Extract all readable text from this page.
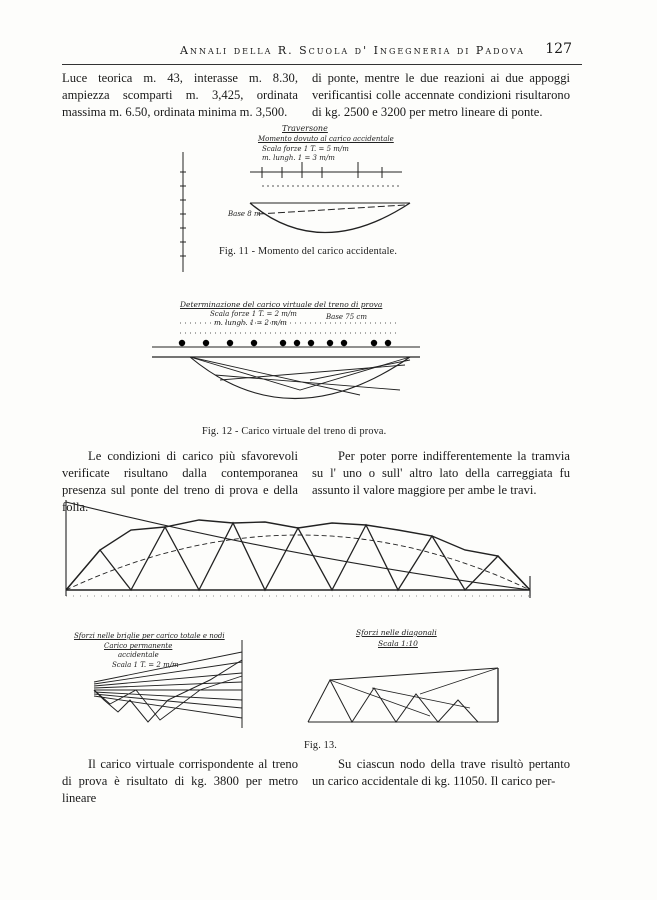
Annali della R. Scuola d' Ingegneria di Padova 127
Luce teorica m. 43, interasse m. 8.30, ampiezza scomparti m. 3,425, ordinata massima m. 6.50, ordinata minima m. 3,500.
di ponte, mentre le due reazioni ai due appoggi verificantisi colle accennate condizioni risultarono di kg. 2500 e 3200 per metro lineare di ponte.
Traversone
Momento dovuto al carico accidentale
Scala forze 1 T. = 5 m/m
m. lungh. 1 = 3 m/m
Base 8 m
Fig. 11 - Momento del carico accidentale.
Determinazione del carico virtuale del treno di prova
Scala forze 1 T. = 2 m/m
m. lungh. 1 = 2 m/m
Base 75 cm
Fig. 12 - Carico virtuale del treno di prova.
Le condizioni di carico più sfavorevoli verificate risultano dalla contemporanea presenza sul ponte del treno di prova e della folla.
Per poter porre indifferentemente la tramvia su l' uno o sull' altro lato della carreggiata fu assunto il valore maggiore per ambe le travi.
Sforzi nelle briglie per carico totale e nodi
Carico permanente
accidentale
Scala 1 T. = 2 m/m
Sforzi nelle diagonali
Scala 1:10
Fig. 13.
Il carico virtuale corrispondente al treno di prova è risultato di kg. 3800 per metro lineare
Su ciascun nodo della trave risultò pertanto un carico accidentale di kg. 11050. Il carico per-
